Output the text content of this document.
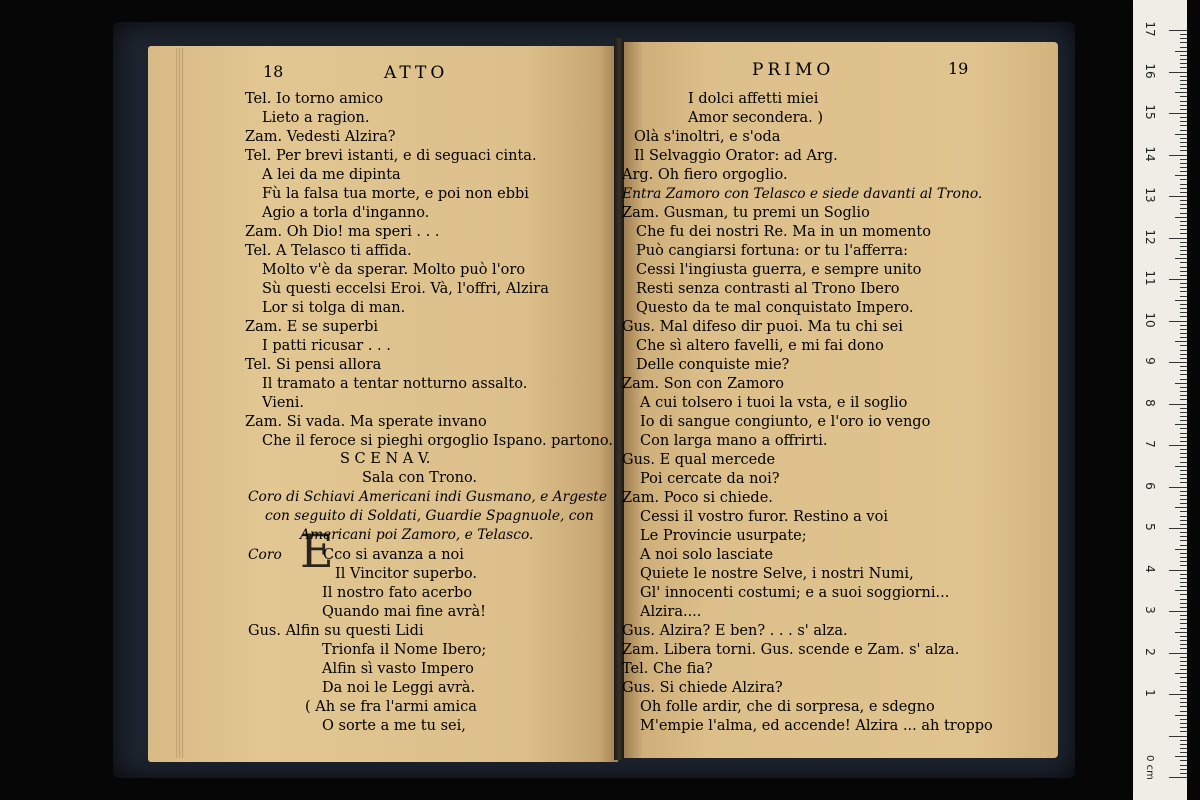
18	ATTO	PRIMO	19
E
Tel. Io torno amico
Lieto a ragion.
Zam. Vedesti Alzira?
Tel. Per brevi istanti, e di seguaci cinta.
A lei da me dipinta
Fù la falsa tua morte, e poi non ebbi
Agio a torla d'inganno.
Zam. Oh Dio! ma speri . . .
Tel. A Telasco ti affida.
Molto v'è da sperar. Molto può l'oro
Sù questi eccelsi Eroi. Và, l'offri, Alzira
Lor si tolga di man.
Zam. E se superbi
I patti ricusar . . .
Tel. Si pensi allora
Il tramato a tentar notturno assalto.
Vieni.
Zam. Si vada. Ma sperate invano
Che il feroce si pieghi orgoglio Ispano. partono.
S C E N A V.
Sala con Trono.
Coro di Schiavi Americani indi Gusmano, e Argeste
con seguito di Soldati, Guardie Spagnuole, con
Americani poi Zamoro, e Telasco.
Coro	Cco si avanza a noi
Il Vincitor superbo.
Il nostro fato acerbo
Quando mai fine avrà!
Gus. Alfin su questi Lidi
Trionfa il Nome Ibero;
Alfin sì vasto Impero
Da noi le Leggi avrà.
( Ah se fra l'armi amica
O sorte a me tu sei,
I dolci affetti miei
Amor secondera. )
Olà s'inoltri, e s'oda
Il Selvaggio Orator: ad Arg.
Arg. Oh fiero orgoglio.
Entra Zamoro con Telasco e siede davanti al Trono.
Zam. Gusman, tu premi un Soglio
Che fu dei nostri Re. Ma in un momento
Può cangiarsi fortuna: or tu l'afferra:
Cessi l'ingiusta guerra, e sempre unito
Resti senza contrasti al Trono Ibero
Questo da te mal conquistato Impero.
Gus. Mal difeso dir puoi. Ma tu chi sei
Che sì altero favelli, e mi fai dono
Delle conquiste mie?
Zam. Son con Zamoro
A cui tolsero i tuoi la vsta, e il soglio
Io di sangue congiunto, e l'oro io vengo
Con larga mano a offrirti.
Gus. E qual mercede
Poi cercate da noi?
Zam. Poco si chiede.
Cessi il vostro furor. Restino a voi
Le Provincie usurpate;
A noi solo lasciate
Quiete le nostre Selve, i nostri Numi,
Gl' innocenti costumi; e a suoi soggiorni...
Alzira....
Gus. Alzira? E ben? . . . s' alza.
Zam. Libera torni. Gus. scende e Zam. s' alza.
Tel. Che fia?
Gus. Si chiede Alzira?
Oh folle ardir, che di sorpresa, e sdegno
M'empie l'alma, ed accende! Alzira ... ah troppo
0 cm
17
16
15
14
13
12
11
10
9
8
7
6
5
4
3
2
1
